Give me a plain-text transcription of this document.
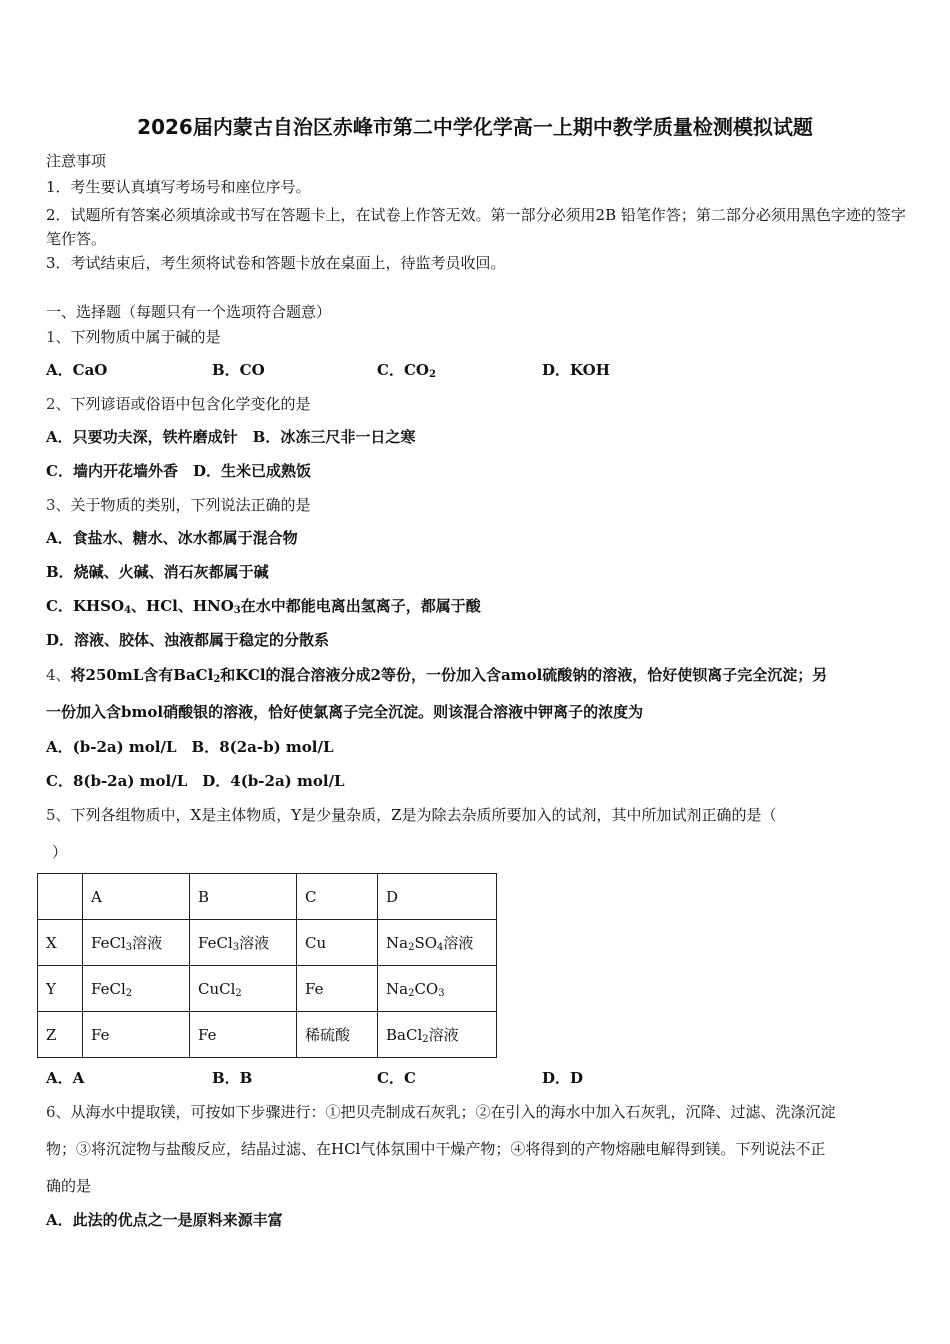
2026届内蒙古自治区赤峰市第二中学化学高一上期中教学质量检测模拟试题
注意事项
1．考生要认真填写考场号和座位序号。
2．试题所有答案必须填涂或书写在答题卡上，在试卷上作答无效。第一部分必须用2B 铅笔作答；第二部分必须用黑色字迹的签字笔作答。
3．考试结束后，考生须将试卷和答题卡放在桌面上，待监考员收回。
一、选择题（每题只有一个选项符合题意）
1、下列物质中属于碱的是
A．CaO	B．CO	C．$CO_2$	D．KOH
2、下列谚语或俗语中包含化学变化的是
A．只要功夫深，铁杵磨成针　B．冰冻三尺非一日之寒
C．墙内开花墙外香　D．生米已成熟饭
3、关于物质的类别，下列说法正确的是
A．食盐水、糖水、冰水都属于混合物
B．烧碱、火碱、消石灰都属于碱
C．$KHSO_4$、HCl、$HNO_3$在水中都能电离出氢离子，都属于酸
D．溶液、胶体、浊液都属于稳定的分散系
4、将250mL含有BaCl$_2$和KCl的混合溶液分成2等份，一份加入含amol硫酸钠的溶液，恰好使钡离子完全沉淀；另
一份加入含bmol硝酸银的溶液，恰好使氯离子完全沉淀。则该混合溶液中钾离子的浓度为
A．(b-2a) mol/L　B．8(2a-b) mol/L
C．8(b-2a) mol/L　D．4(b-2a) mol/L
5、下列各组物质中，X是主体物质，Y是少量杂质，Z是为除去杂质所要加入的试剂，其中所加试剂正确的是（
）
	A	B	C	D
X	FeCl$_3$溶液	FeCl$_3$溶液	Cu	$Na_2SO_4$溶液
Y	FeCl$_2$	CuCl$_2$	Fe	$Na_2CO_3$
Z	Fe	Fe	稀硫酸	BaCl$_2$溶液
A．A	B．B	C．C	D．D
6、从海水中提取镁，可按如下步骤进行：①把贝壳制成石灰乳；②在引入的海水中加入石灰乳，沉降、过滤、洗涤沉淀
物；③将沉淀物与盐酸反应，结晶过滤、在HCl气体氛围中干燥产物；④将得到的产物熔融电解得到镁。下列说法不正
确的是
A．此法的优点之一是原料来源丰富
